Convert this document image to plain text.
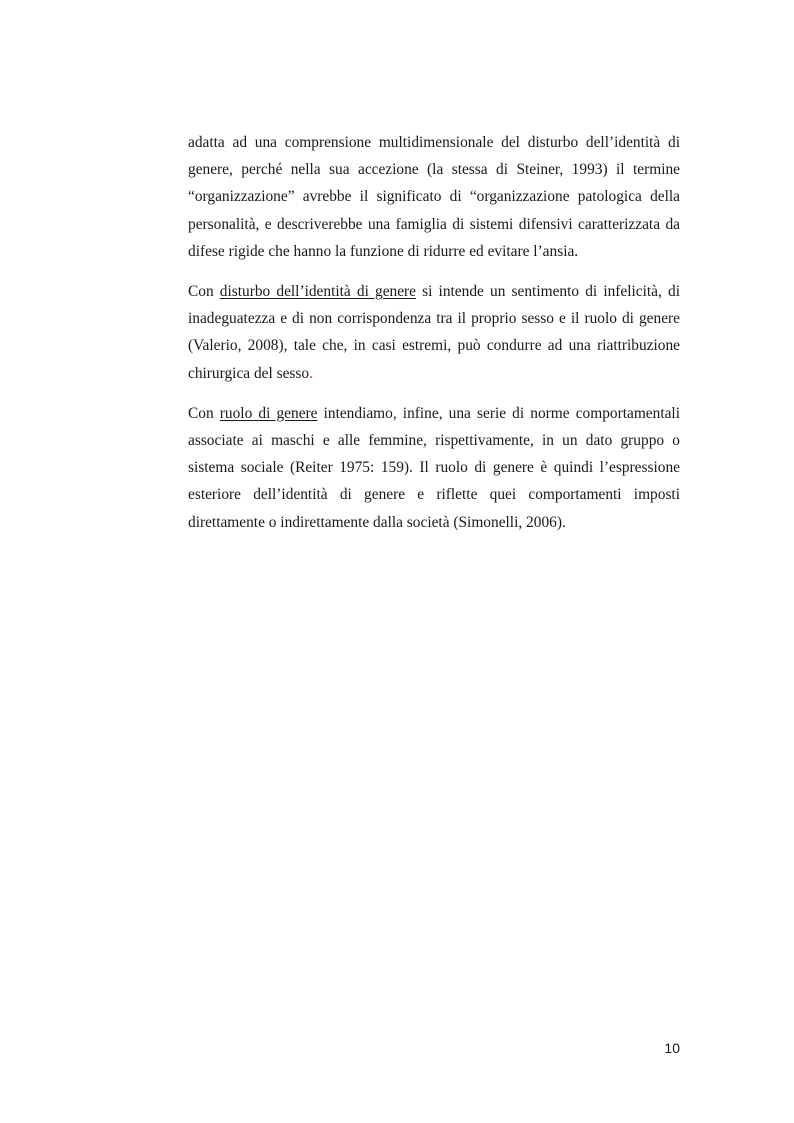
adatta ad una comprensione multidimensionale del disturbo dell’identità di genere, perché nella sua accezione (la stessa di Steiner, 1993) il termine “organizzazione” avrebbe il significato di “organizzazione patologica della personalità, e descriverebbe una famiglia di sistemi difensivi caratterizzata da difese rigide che hanno la funzione di ridurre ed evitare l’ansia.

Con disturbo dell’identità di genere si intende un sentimento di infelicità, di inadeguatezza e di non corrispondenza tra il proprio sesso e il ruolo di genere (Valerio, 2008), tale che, in casi estremi, può condurre ad una riattribuzione chirurgica del sesso.

Con ruolo di genere intendiamo, infine, una serie di norme comportamentali associate ai maschi e alle femmine, rispettivamente, in un dato gruppo o sistema sociale (Reiter 1975: 159). Il ruolo di genere è quindi l’espressione esteriore dell’identità di genere e riflette quei comportamenti imposti direttamente o indirettamente dalla società (Simonelli, 2006).

10
